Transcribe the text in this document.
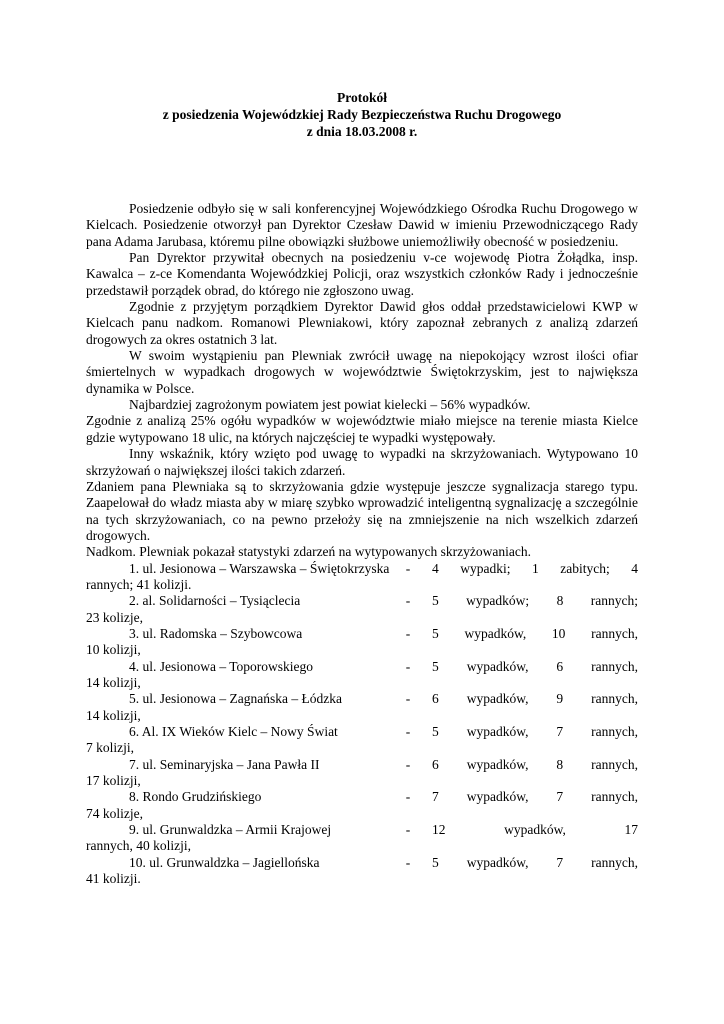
Protokół
z posiedzenia Wojewódzkiej Rady Bezpieczeństwa Ruchu Drogowego
z dnia 18.03.2008 r.

Posiedzenie odbyło się w sali konferencyjnej Wojewódzkiego Ośrodka Ruchu Drogowego w Kielcach. Posiedzenie otworzył pan Dyrektor Czesław Dawid w imieniu Przewodniczącego Rady pana Adama Jarubasa, któremu pilne obowiązki służbowe uniemożliwiły obecność w posiedzeniu.

Pan Dyrektor przywitał obecnych na posiedzeniu v-ce wojewodę Piotra Żołądka, insp. Kawalca – z-ce Komendanta Wojewódzkiej Policji, oraz wszystkich członków Rady i jednocześnie przedstawił porządek obrad, do którego nie zgłoszono uwag.

Zgodnie z przyjętym porządkiem Dyrektor Dawid głos oddał przedstawicielowi KWP w Kielcach panu nadkom. Romanowi Plewniakowi, który zapoznał zebranych z analizą zdarzeń drogowych za okres ostatnich 3 lat.

W swoim wystąpieniu pan Plewniak zwrócił uwagę na niepokojący wzrost ilości ofiar śmiertelnych w wypadkach drogowych w województwie Świętokrzyskim, jest to największa dynamika w Polsce.

Najbardziej zagrożonym powiatem jest powiat kielecki – 56% wypadków.

Zgodnie z analizą 25% ogółu wypadków w województwie miało miejsce na terenie miasta Kielce gdzie wytypowano 18 ulic, na których najczęściej te wypadki występowały.

Inny wskaźnik, który wzięto pod uwagę to wypadki na skrzyżowaniach. Wytypowano 10 skrzyżowań o największej ilości takich zdarzeń.

Zdaniem pana Plewniaka są to skrzyżowania gdzie występuje jeszcze sygnalizacja starego typu. Zaapelował do władz miasta aby w miarę szybko wprowadzić inteligentną sygnalizację a szczególnie na tych skrzyżowaniach, co na pewno przełoży się na zmniejszenie na nich wszelkich zdarzeń drogowych.

Nadkom. Plewniak pokazał statystyki zdarzeń na wytypowanych skrzyżowaniach.

1. ul. Jesionowa – Warszawska – Świętokrzyska	-	4 wypadki; 1 zabitych; 4
rannych; 41 kolizji.
2. al. Solidarności – Tysiąclecia	-	5 wypadków; 8 rannych;
23 kolizje,
3. ul. Radomska – Szybowcowa	-	5 wypadków, 10 rannych,
10 kolizji,
4. ul. Jesionowa – Toporowskiego	-	5 wypadków, 6 rannych,
14 kolizji,
5. ul. Jesionowa – Zagnańska – Łódzka	-	6 wypadków, 9 rannych,
14 kolizji,
6. Al. IX Wieków Kielc – Nowy Świat	-	5 wypadków, 7 rannych,
7 kolizji,
7. ul. Seminaryjska – Jana Pawła II	-	6 wypadków, 8 rannych,
17 kolizji,
8. Rondo Grudzińskiego	-	7 wypadków, 7 rannych,
74 kolizje,
9. ul. Grunwaldzka – Armii Krajowej	-	12 wypadków, 17
rannych, 40 kolizji,
10. ul. Grunwaldzka – Jagiellońska	-	5 wypadków, 7 rannych,
41 kolizji.
